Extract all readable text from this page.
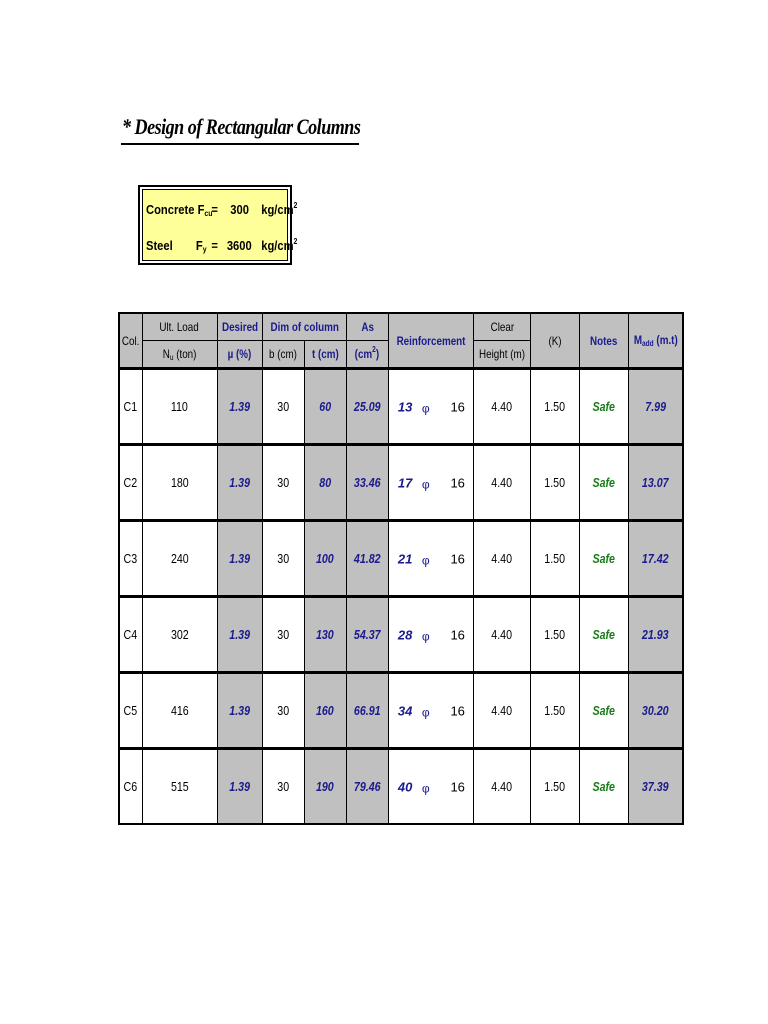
* Design of Rectangular Columns
Concrete $F_{cu}$
= 300 $kg/cm^2$
Steel $F_y = 3600$ $kg/cm^2$
Col.	Ult. Load	Desired	Dim of column		As	Reinforcement	Clear	(K)	Notes	$M_{add}$ (m.t)
	$N_u$ (ton)	µ (%)	b (cm)	t (cm)	$(cm^2)$		Height (m)			
C1	110	1.39	30	60	25.09	13 φ 16	4.40	1.50	Safe	7.99
C2	180	1.39	30	80	33.46	17 φ 16	4.40	1.50	Safe	13.07
C3	240	1.39	30	100	41.82	21 φ 16	4.40	1.50	Safe	17.42
C4	302	1.39	30	130	54.37	28 φ 16	4.40	1.50	Safe	21.93
C5	416	1.39	30	160	66.91	34 φ 16	4.40	1.50	Safe	30.20
C6	515	1.39	30	190	79.46	40 φ 16	4.40	1.50	Safe	37.39
